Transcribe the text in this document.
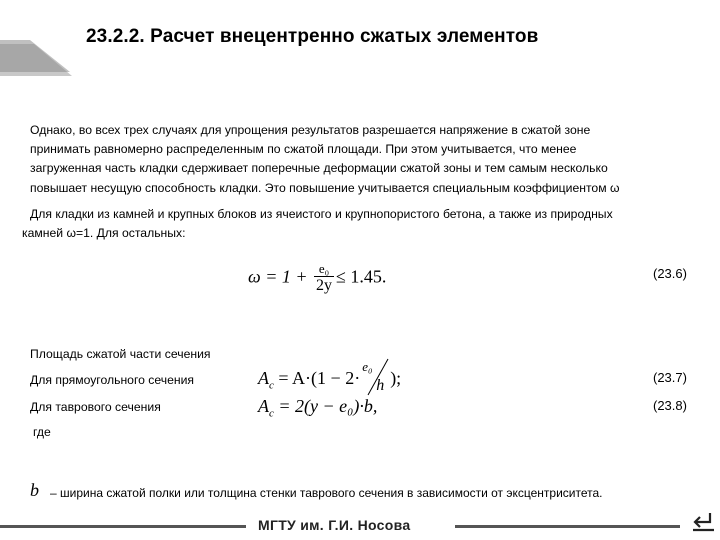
23.2.2. Расчет внецентренно сжатых элементов
Однако, во всех трех случаях для упрощения результатов разрешается напряжение в сжатой зоне
принимать равномерно распределенным по сжатой площади. При этом учитывается, что менее
загруженная часть кладки сдерживает поперечные деформации сжатой зоны и тем самым несколько
повышает несущую способность кладки. Это повышение учитывается специальным коэффициентом ω
Для кладки из камней и крупных блоков из ячеистого и крупнопористого бетона, а также из природных
камней ω=1. Для остальных:
$\omega = 1 + \frac{\text{e₀}}{2y} \le 1.45$.	(23.6)
Площадь сжатой части сечения
Для прямоугольного сечения	$A_c = A\cdot(1 - 2\cdot$
e₀
h );	(23.7)
Для таврового сечения	$A_c = 2(y - e_0)\cdot b$,	(23.8)
где
b – ширина сжатой полки или толщина стенки таврового сечения в зависимости от эксцентриситета.
МГТУ им. Г.И. Носова
